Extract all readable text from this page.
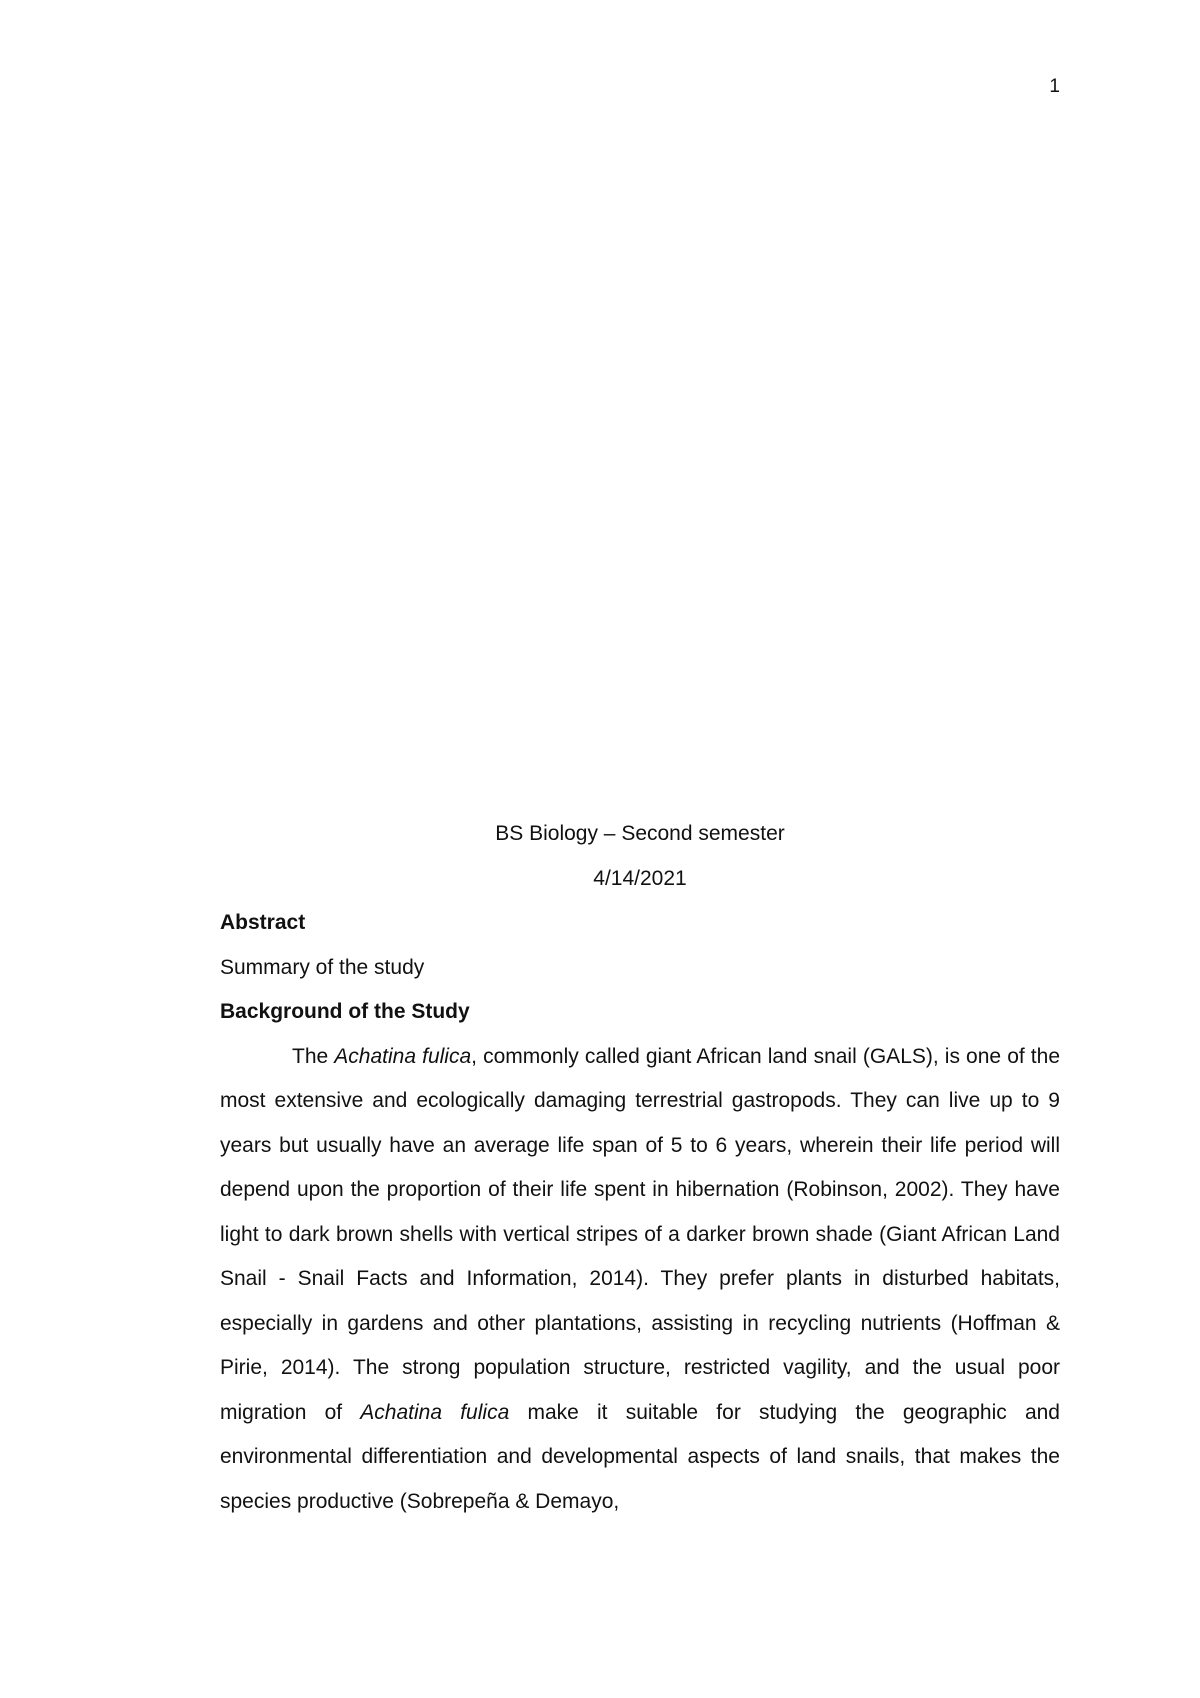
1
BS Biology – Second semester
4/14/2021
Abstract
Summary of the study
Background of the Study

The Achatina fulica, commonly called giant African land snail (GALS), is one of the most extensive and ecologically damaging terrestrial gastropods. They can live up to 9 years but usually have an average life span of 5 to 6 years, wherein their life period will depend upon the proportion of their life spent in hibernation (Robinson, 2002). They have light to dark brown shells with vertical stripes of a darker brown shade (Giant African Land Snail - Snail Facts and Information, 2014). They prefer plants in disturbed habitats, especially in gardens and other plantations, assisting in recycling nutrients (Hoffman & Pirie, 2014). The strong population structure, restricted vagility, and the usual poor migration of Achatina fulica make it suitable for studying the geographic and environmental differentiation and developmental aspects of land snails, that makes the species productive (Sobrepeña & Demayo,
